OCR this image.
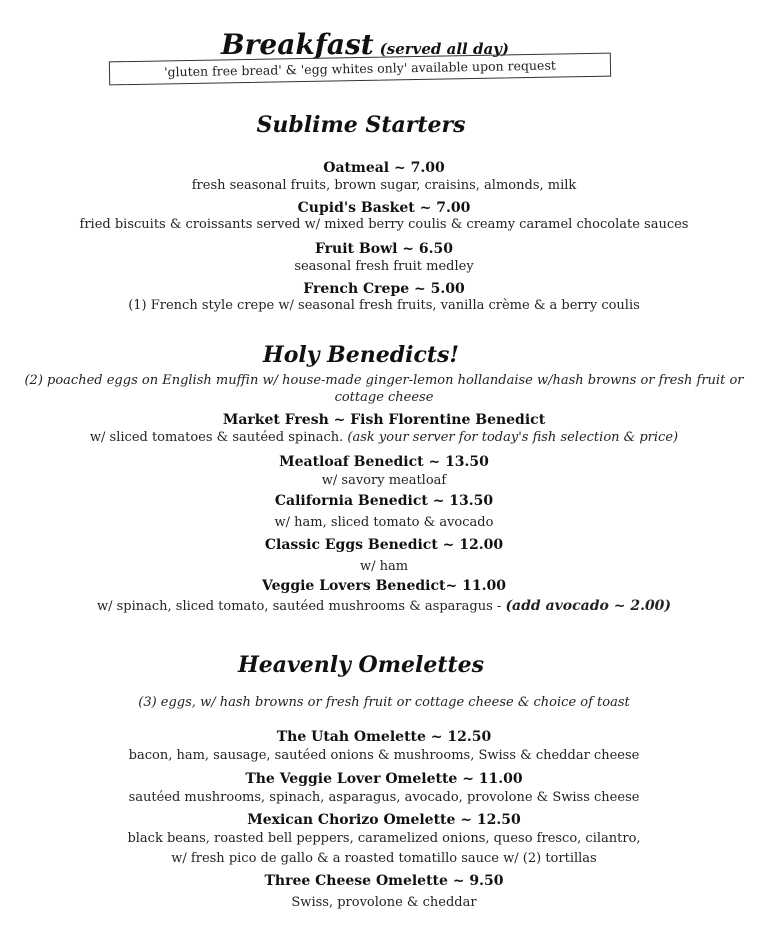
Breakfast (served all day)
'gluten free bread' & 'egg whites only' available upon request
Sublime Starters
Oatmeal ~ 7.00
fresh seasonal fruits, brown sugar, craisins, almonds, milk
Cupid's Basket ~ 7.00
fried biscuits & croissants served w/ mixed berry coulis & creamy caramel chocolate sauces
Fruit Bowl ~ 6.50
seasonal fresh fruit medley
French Crepe ~ 5.00
(1) French style crepe w/ seasonal fresh fruits, vanilla crème & a berry coulis
Holy Benedicts!
(2) poached eggs on English muffin w/ house-made ginger-lemon hollandaise w/hash browns or fresh fruit or
cottage cheese
Market Fresh ~ Fish Florentine Benedict
w/ sliced tomatoes & sautéed spinach. (ask your server for today's fish selection & price)
Meatloaf Benedict ~ 13.50
w/ savory meatloaf
California Benedict ~ 13.50
w/ ham, sliced tomato & avocado
Classic Eggs Benedict ~ 12.00
w/ ham
Veggie Lovers Benedict~ 11.00
w/ spinach, sliced tomato, sautéed mushrooms & asparagus - (add avocado ~ 2.00)
Heavenly Omelettes
(3) eggs, w/ hash browns or fresh fruit or cottage cheese & choice of toast
The Utah Omelette ~ 12.50
bacon, ham, sausage, sautéed onions & mushrooms, Swiss & cheddar cheese
The Veggie Lover Omelette ~ 11.00
sautéed mushrooms, spinach, asparagus, avocado, provolone & Swiss cheese
Mexican Chorizo Omelette ~ 12.50
black beans, roasted bell peppers, caramelized onions, queso fresco, cilantro,
w/ fresh pico de gallo & a roasted tomatillo sauce w/ (2) tortillas
Three Cheese Omelette ~ 9.50
Swiss, provolone & cheddar
